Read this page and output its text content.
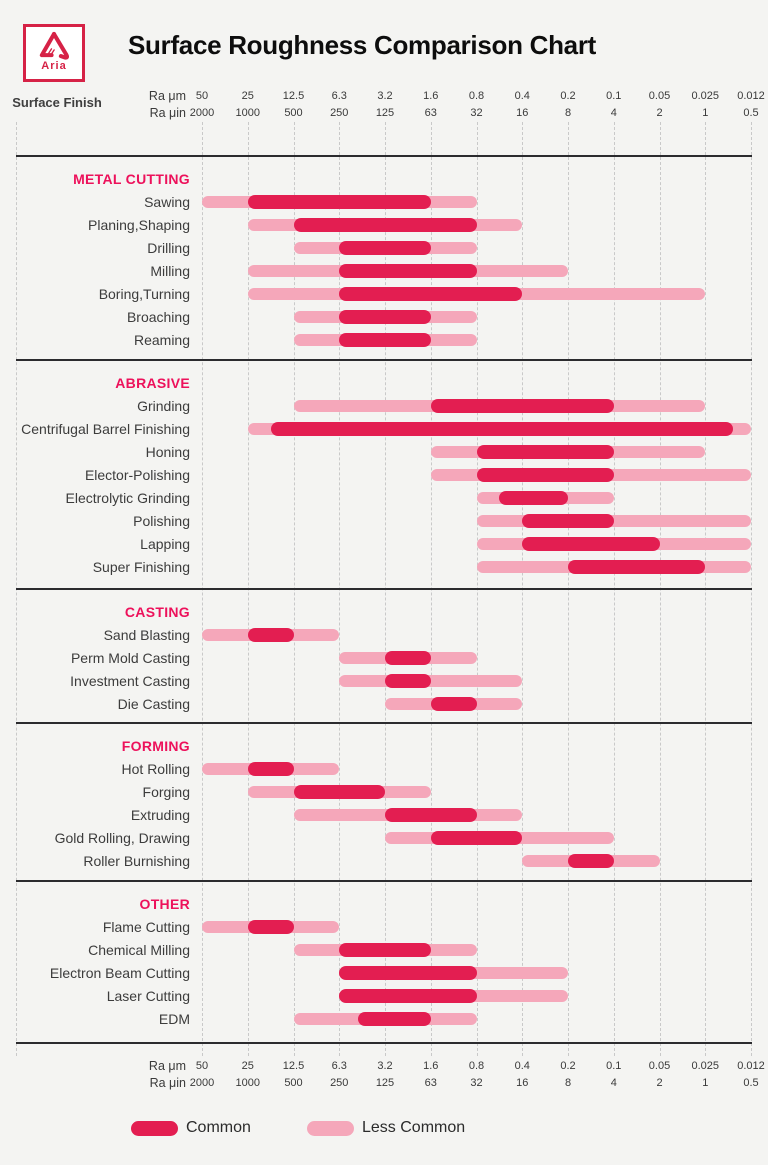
Aria
Surface Finish
Surface Roughness Comparison Chart
50	25	12.5	6.3	3.2	1.6	0.8	0.4	0.2	0.1	0.05	0.025	0.012
2000	1000	500	250	125	63	32	16	8	4	2	1	0.5
50	25	12.5	6.3	3.2	1.6	0.8	0.4	0.2	0.1	0.05	0.025	0.012
2000	1000	500	250	125	63	32	16	8	4	2	1	0.5
Ra μm
Ra μin
Ra μm
Ra μin
METAL CUTTING
Sawing
Planing,Shaping
Drilling
Milling
Boring,Turning
Broaching
Reaming
ABRASIVE
Grinding
Centrifugal Barrel Finishing
Honing
Elector-Polishing
Electrolytic Grinding
Polishing
Lapping
Super Finishing
CASTING
Sand Blasting
Perm Mold Casting
Investment Casting
Die Casting
FORMING
Hot Rolling
Forging
Extruding
Gold Rolling, Drawing
Roller Burnishing
OTHER
Flame Cutting
Chemical Milling
Electron Beam Cutting
Laser Cutting
EDM
Common	Less Common
